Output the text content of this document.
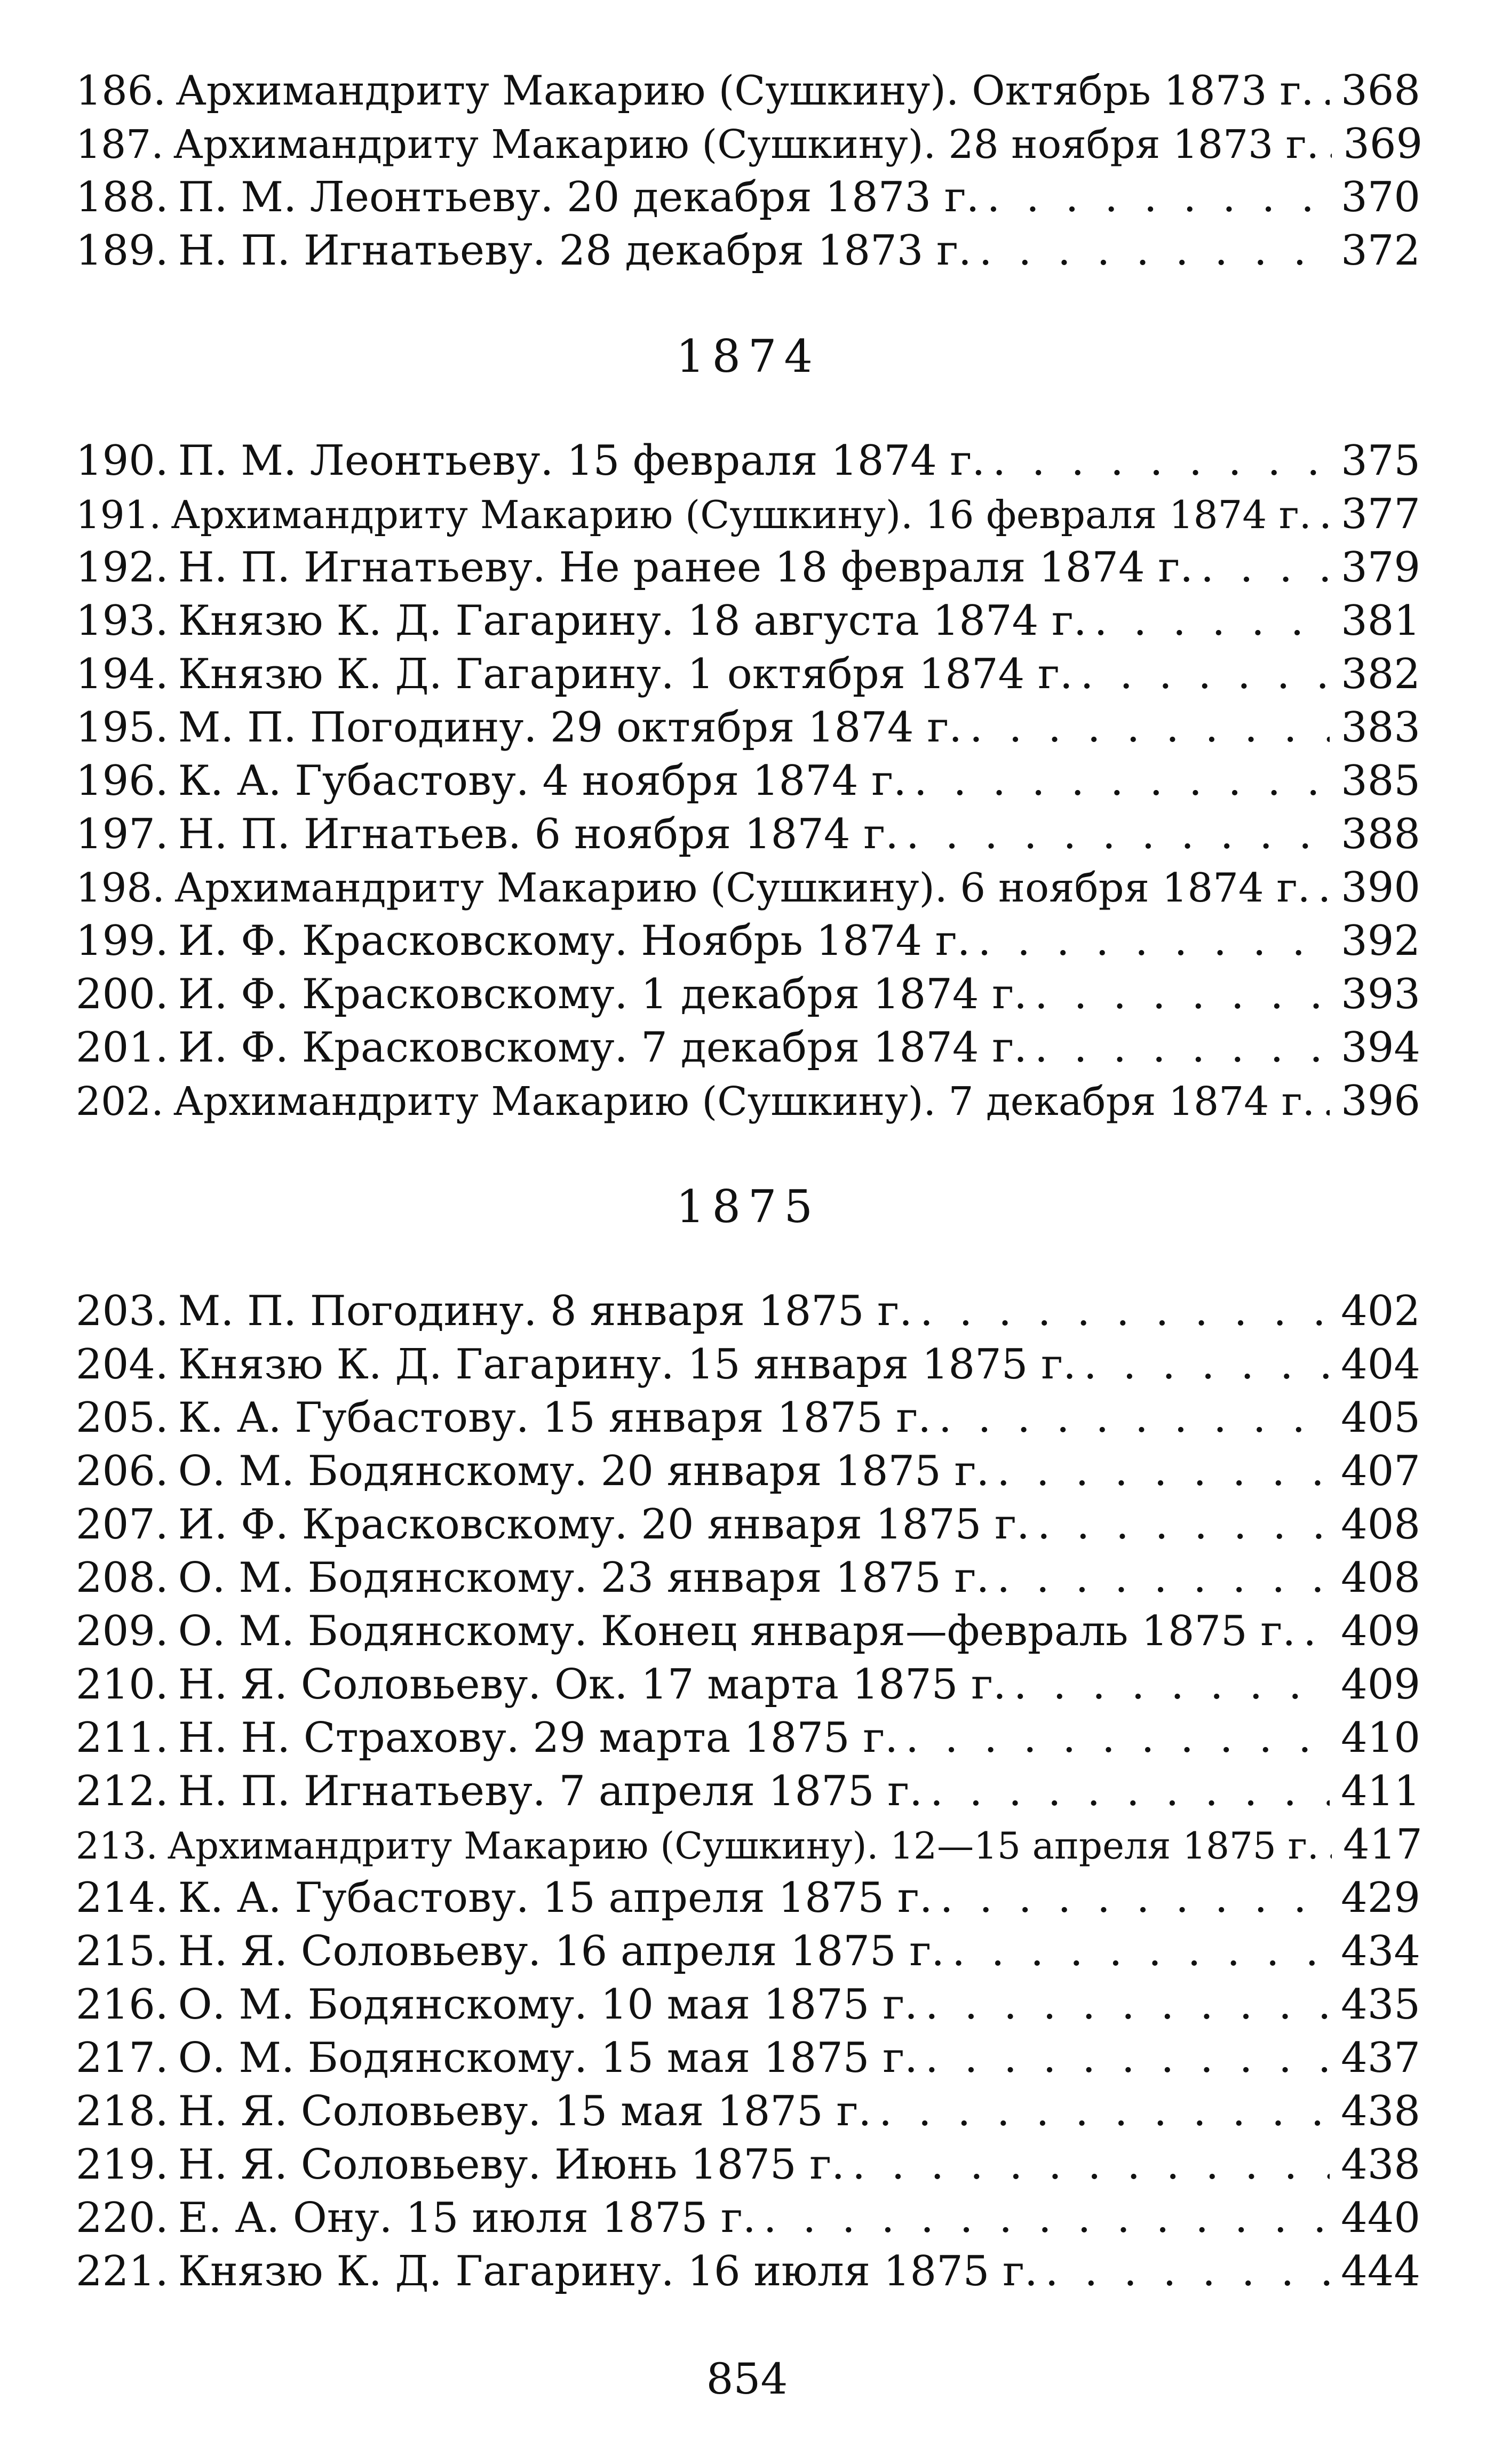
186. Архимандриту Макарию (Сушкину). Октябрь 1873 г. . . . 368
187. Архимандриту Макарию (Сушкину). 28 ноября 1873 г. . . . 369
188. П. М. Леонтьеву. 20 декабря 1873 г. . . .	370
189. Н. П. Игнатьеву. 28 декабря 1873 г. . . .	372
1874
190. П. М. Леонтьеву. 15 февраля 1874 г. . . .	375
191. Архимандриту Макарию (Сушкину). 16 февраля 1874 г. . . . 377
192. Н. П. Игнатьеву. Не ранее 18 февраля 1874 г. . . .	379
193. Князю К. Д. Гагарину. 18 августа 1874 г. . . .	381
194. Князю К. Д. Гагарину. 1 октября 1874 г. . . .	382
195. М. П. Погодину. 29 октября 1874 г. . . .	383
196. К. А. Губастову. 4 ноября 1874 г. . . .	385
197. Н. П. Игнатьев. 6 ноября 1874 г. . . .	388
198. Архимандриту Макарию (Сушкину). 6 ноября 1874 г. . . . 390
199. И. Ф. Красковскому. Ноябрь 1874 г. . . .	392
200. И. Ф. Красковскому. 1 декабря 1874 г. . . .	393
201. И. Ф. Красковскому. 7 декабря 1874 г. . . .	394
202. Архимандриту Макарию (Сушкину). 7 декабря 1874 г. . . . 396
1875
203. М. П. Погодину. 8 января 1875 г. . . .	402
204. Князю К. Д. Гагарину. 15 января 1875 г. . . .	404
205. К. А. Губастову. 15 января 1875 г. . . .	405
206. О. М. Бодянскому. 20 января 1875 г. . . .	407
207. И. Ф. Красковскому. 20 января 1875 г. . . .	408
208. О. М. Бодянскому. 23 января 1875 г. . . .	408
209. О. М. Бодянскому. Конец января—февраль 1875 г. . . . 409
210. Н. Я. Соловьеву. Ок. 17 марта 1875 г. . . .	409
211. Н. Н. Страхову. 29 марта 1875 г. . . .	410
212. Н. П. Игнатьеву. 7 апреля 1875 г. . . .	411
213. Архимандриту Макарию (Сушкину). 12—15 апреля 1875 г. . . . 417
214. К. А. Губастову. 15 апреля 1875 г. . . .	429
215. Н. Я. Соловьеву. 16 апреля 1875 г. . . .	434
216. О. М. Бодянскому. 10 мая 1875 г. . . .	435
217. О. М. Бодянскому. 15 мая 1875 г. . . .	437
218. Н. Я. Соловьеву. 15 мая 1875 г. . . .	438
219. Н. Я. Соловьеву. Июнь 1875 г. . . .	438
220. Е. А. Ону. 15 июля 1875 г. . . .	440
221. Князю К. Д. Гагарину. 16 июля 1875 г. . . .	444
854
